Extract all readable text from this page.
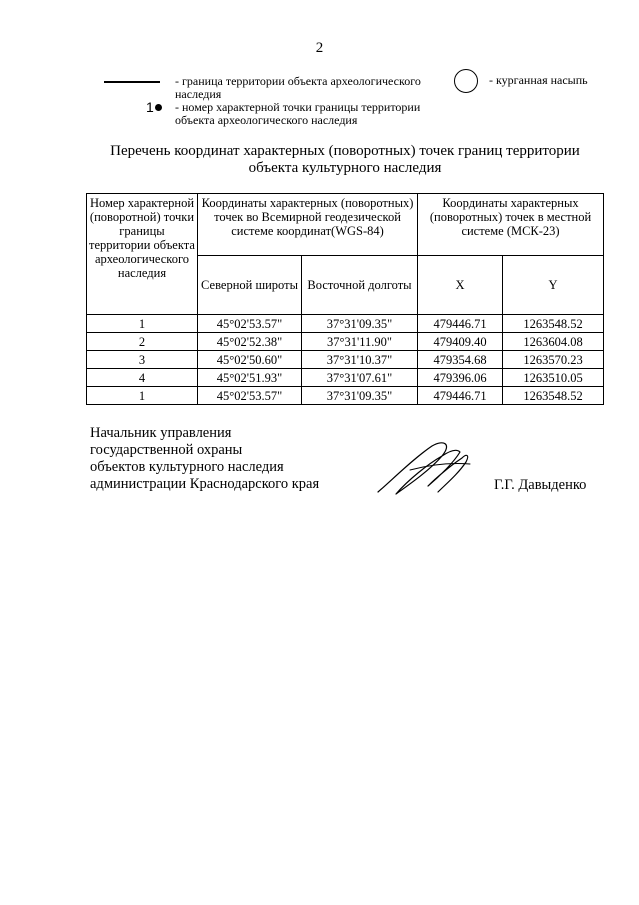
2
- граница территории объекта археологического наследия
- курганная насыпь
1	- номер характерной точки границы территории объекта археологического наследия
Перечень координат характерных (поворотных) точек границ территории объекта культурного наследия
Номер характерной (поворотной) точки границы территории объекта археологического наследия	Координаты характерных (поворотных) точек во Всемирной геодезической системе координат(WGS-84)		Координаты характерных (поворотных) точек в местной системе (МСК-23)	
	Северной широты	Восточной долготы	X	Y
1	45°02'53.57"	37°31'09.35"	479446.71	1263548.52
2	45°02'52.38"	37°31'11.90"	479409.40	1263604.08
3	45°02'50.60"	37°31'10.37"	479354.68	1263570.23
4	45°02'51.93"	37°31'07.61"	479396.06	1263510.05
1	45°02'53.57"	37°31'09.35"	479446.71	1263548.52
Начальник управления
государственной охраны
объектов культурного наследия
администрации Краснодарского края	Г.Г. Давыденко
